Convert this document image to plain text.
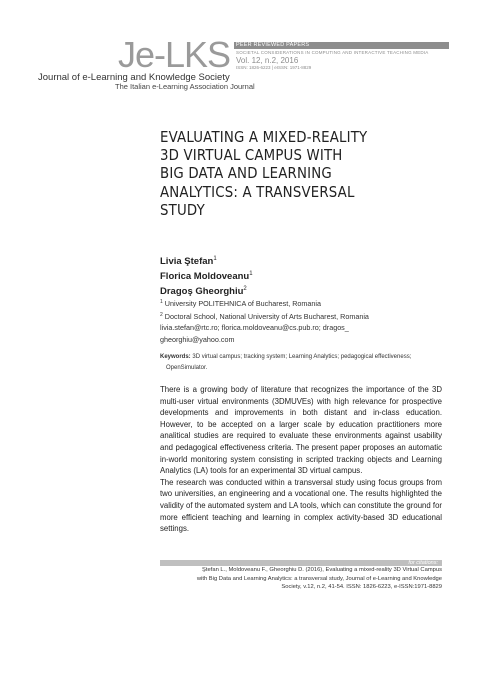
Je-LKS
Journal of e-Learning and Knowledge Society
The Italian e-Learning Association Journal
PEER REVIEWED PAPERS
SOCIETAL CONSIDERATIONS IN COMPUTING AND INTERACTIVE TEACHING MEDIA
Vol. 12, n.2, 2016
ISSN: 1826-6223 | eISSN: 1971-8829
EVALUATING A MIXED-REALITY
3D VIRTUAL CAMPUS WITH
BIG DATA AND LEARNING
ANALYTICS: A TRANSVERSAL
STUDY
Livia Ştefan$^1$
Florica Moldoveanu$^1$
Dragoş Gheorghiu$^2$
$^1$ University POLITEHNICA of Bucharest, Romania
$^2$ Doctoral School, National University of Arts Bucharest, Romania
livia.stefan@rtc.ro; florica.moldoveanu@cs.pub.ro; dragos_
gheorghiu@yahoo.com
Keywords: 3D virtual campus; tracking system; Learning Analytics; pedagogical effectiveness;
OpenSimulator.

There is a growing body of literature that recognizes the importance of the 3D multi-user virtual environments (3DMUVEs) with high relevance for prospective developments and improvements in both distant and in-class education. However, to be accepted on a larger scale by education practitioners more analitical studies are required to evaluate these environments against usability and pedagogical effectiveness criteria. The present paper proposes an automatic in-world monitoring system consisting in scripted tracking objects and Learning Analytics (LA) tools for an experimental 3D virtual campus.

The research was conducted within a transversal study using focus groups from two universities, an engineering and a vocational one. The results highlighted the validity of the automated system and LA tools, which can constitute the ground for more efficient teaching and learning in complex activity-based 3D educational settings.

for citations:
Ştefan L., Moldoveanu F., Gheorghiu D. (2016), Evaluating a mixed-reality 3D Virtual Campus
with Big Data and Learning Analytics: a transversal study, Journal of e-Learning and Knowledge
Society, v.12, n.2, 41-54. ISSN: 1826-6223, e-ISSN:1971-8829
